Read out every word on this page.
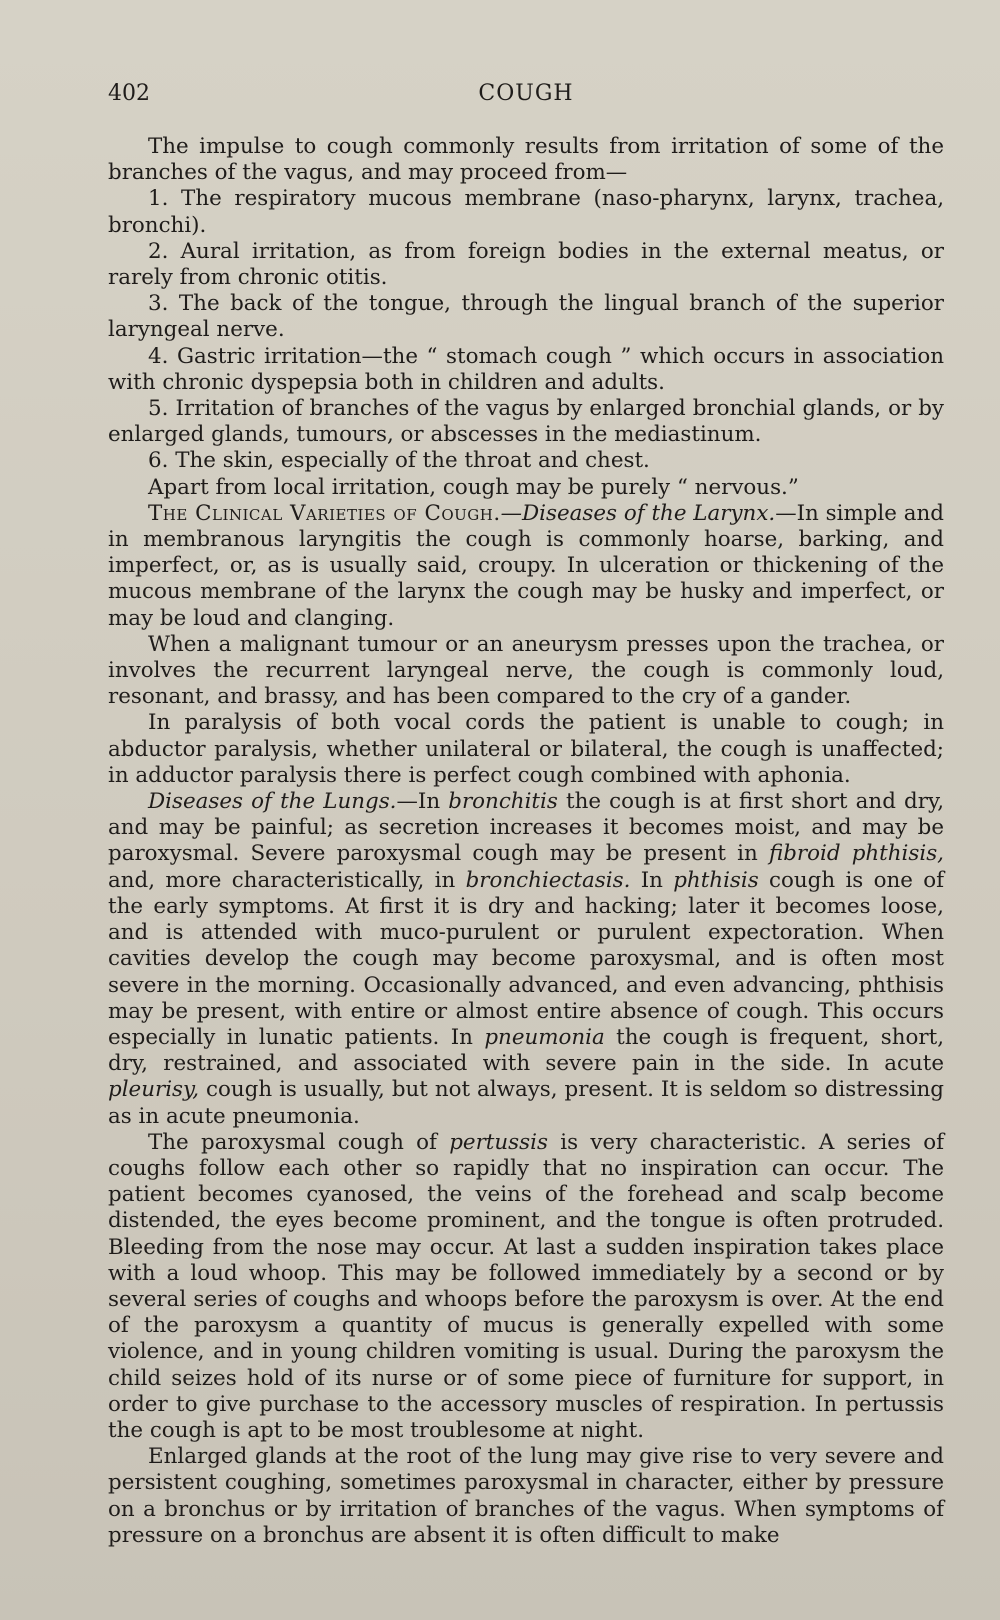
402	COUGH

The impulse to cough commonly results from irritation of some of the branches of the vagus, and may proceed from—

1. The respiratory mucous membrane (naso-pharynx, larynx, trachea, bronchi).

2. Aural irritation, as from foreign bodies in the external meatus, or rarely from chronic otitis.

3. The back of the tongue, through the lingual branch of the superior laryngeal nerve.

4. Gastric irritation—the “ stomach cough ” which occurs in association with chronic dyspepsia both in children and adults.

5. Irritation of branches of the vagus by enlarged bronchial glands, or by enlarged glands, tumours, or abscesses in the mediastinum.

6. The skin, especially of the throat and chest.

Apart from local irritation, cough may be purely “ nervous.”

The Clinical Varieties of Cough.—Diseases of the Larynx.—In simple and in membranous laryngitis the cough is commonly hoarse, barking, and imperfect, or, as is usually said, croupy. In ulceration or thickening of the mucous membrane of the larynx the cough may be husky and imperfect, or may be loud and clanging.

When a malignant tumour or an aneurysm presses upon the trachea, or involves the recurrent laryngeal nerve, the cough is commonly loud, resonant, and brassy, and has been compared to the cry of a gander.

In paralysis of both vocal cords the patient is unable to cough; in abductor paralysis, whether unilateral or bilateral, the cough is unaffected; in adductor paralysis there is perfect cough combined with aphonia.

Diseases of the Lungs.—In bronchitis the cough is at first short and dry, and may be painful; as secretion increases it becomes moist, and may be paroxysmal. Severe paroxysmal cough may be present in fibroid phthisis, and, more characteristically, in bronchiectasis. In phthisis cough is one of the early symptoms. At first it is dry and hacking; later it becomes loose, and is attended with muco-purulent or purulent expectoration. When cavities develop the cough may become paroxysmal, and is often most severe in the morning. Occasionally advanced, and even advancing, phthisis may be present, with entire or almost entire absence of cough. This occurs especially in lunatic patients. In pneumonia the cough is frequent, short, dry, restrained, and associated with severe pain in the side. In acute pleurisy, cough is usually, but not always, present. It is seldom so distressing as in acute pneumonia.

The paroxysmal cough of pertussis is very characteristic. A series of coughs follow each other so rapidly that no inspiration can occur. The patient becomes cyanosed, the veins of the forehead and scalp become distended, the eyes become prominent, and the tongue is often protruded. Bleeding from the nose may occur. At last a sudden inspiration takes place with a loud whoop. This may be followed immediately by a second or by several series of coughs and whoops before the paroxysm is over. At the end of the paroxysm a quantity of mucus is generally expelled with some violence, and in young children vomiting is usual. During the paroxysm the child seizes hold of its nurse or of some piece of furniture for support, in order to give purchase to the accessory muscles of respiration. In pertussis the cough is apt to be most troublesome at night.

Enlarged glands at the root of the lung may give rise to very severe and persistent coughing, sometimes paroxysmal in character, either by pressure on a bronchus or by irritation of branches of the vagus. When symptoms of pressure on a bronchus are absent it is often difficult to make
